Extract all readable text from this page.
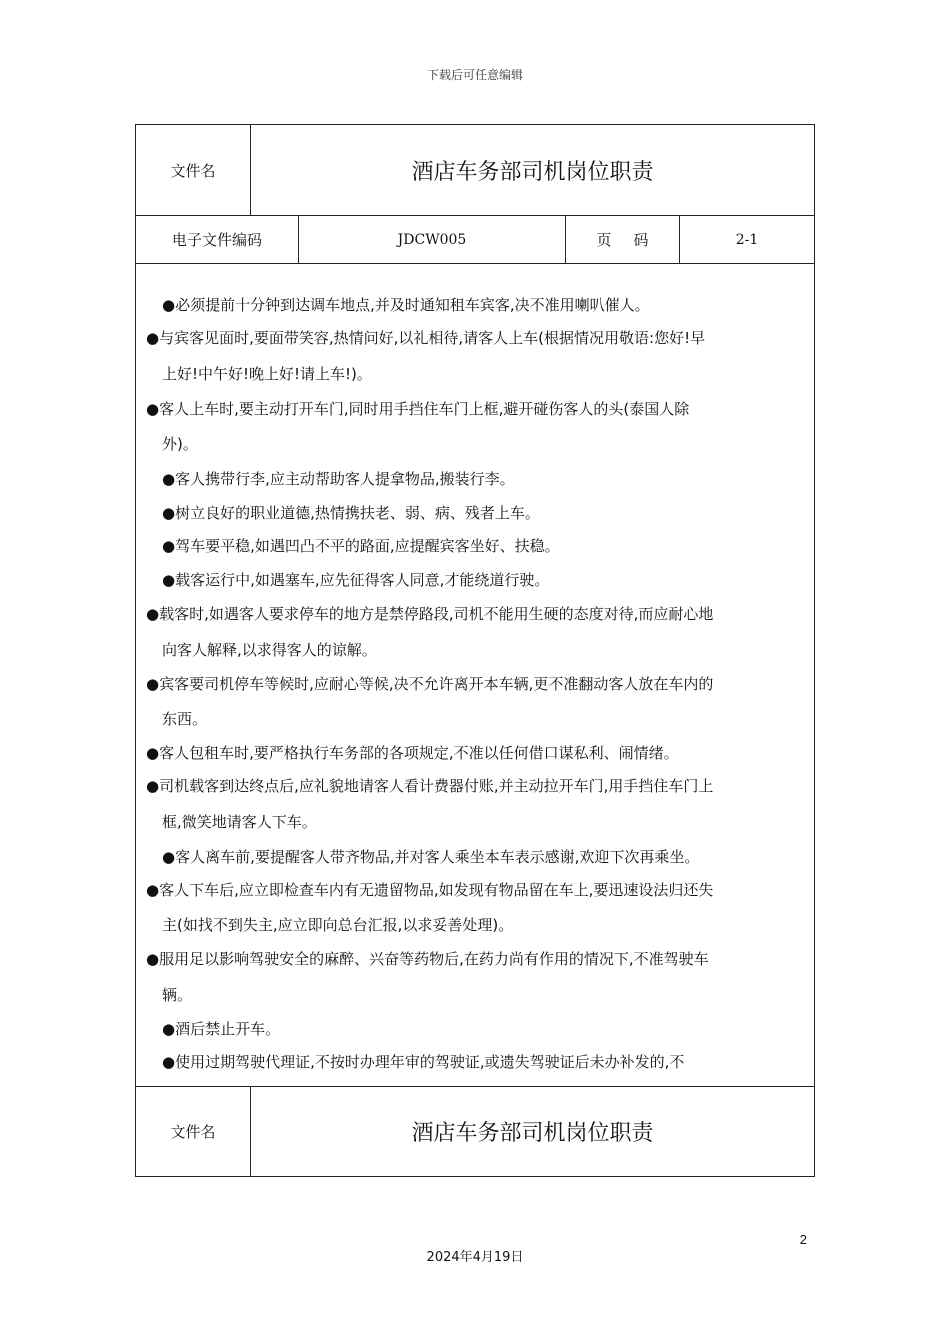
下载后可任意编辑
文件名	酒店车务部司机岗位职责
电子文件编码	JDCW005	页 码	2-1
●必须提前十分钟到达调车地点,并及时通知租车宾客,决不准用喇叭催人。
●与宾客见面时,要面带笑容,热情问好,以礼相待,请客人上车(根据情况用敬语:您好!早
上好!中午好!晚上好!请上车!)。
●客人上车时,要主动打开车门,同时用手挡住车门上框,避开碰伤客人的头(泰国人除
外)。
●客人携带行李,应主动帮助客人提拿物品,搬装行李。
●树立良好的职业道德,热情携扶老、弱、病、残者上车。
●驾车要平稳,如遇凹凸不平的路面,应提醒宾客坐好、扶稳。
●载客运行中,如遇塞车,应先征得客人同意,才能绕道行驶。
●载客时,如遇客人要求停车的地方是禁停路段,司机不能用生硬的态度对待,而应耐心地
向客人解释,以求得客人的谅解。
●宾客要司机停车等候时,应耐心等候,决不允许离开本车辆,更不准翻动客人放在车内的
东西。
●客人包租车时,要严格执行车务部的各项规定,不准以任何借口谋私利、闹情绪。
●司机载客到达终点后,应礼貌地请客人看计费器付账,并主动拉开车门,用手挡住车门上
框,微笑地请客人下车。
●客人离车前,要提醒客人带齐物品,并对客人乘坐本车表示感谢,欢迎下次再乘坐。
●客人下车后,应立即检查车内有无遗留物品,如发现有物品留在车上,要迅速设法归还失
主(如找不到失主,应立即向总台汇报,以求妥善处理)。
●服用足以影响驾驶安全的麻醉、兴奋等药物后,在药力尚有作用的情况下,不准驾驶车
辆。
●酒后禁止开车。
●使用过期驾驶代理证,不按时办理年审的驾驶证,或遗失驾驶证后未办补发的,不
文件名	酒店车务部司机岗位职责
2
2024年4月19日
